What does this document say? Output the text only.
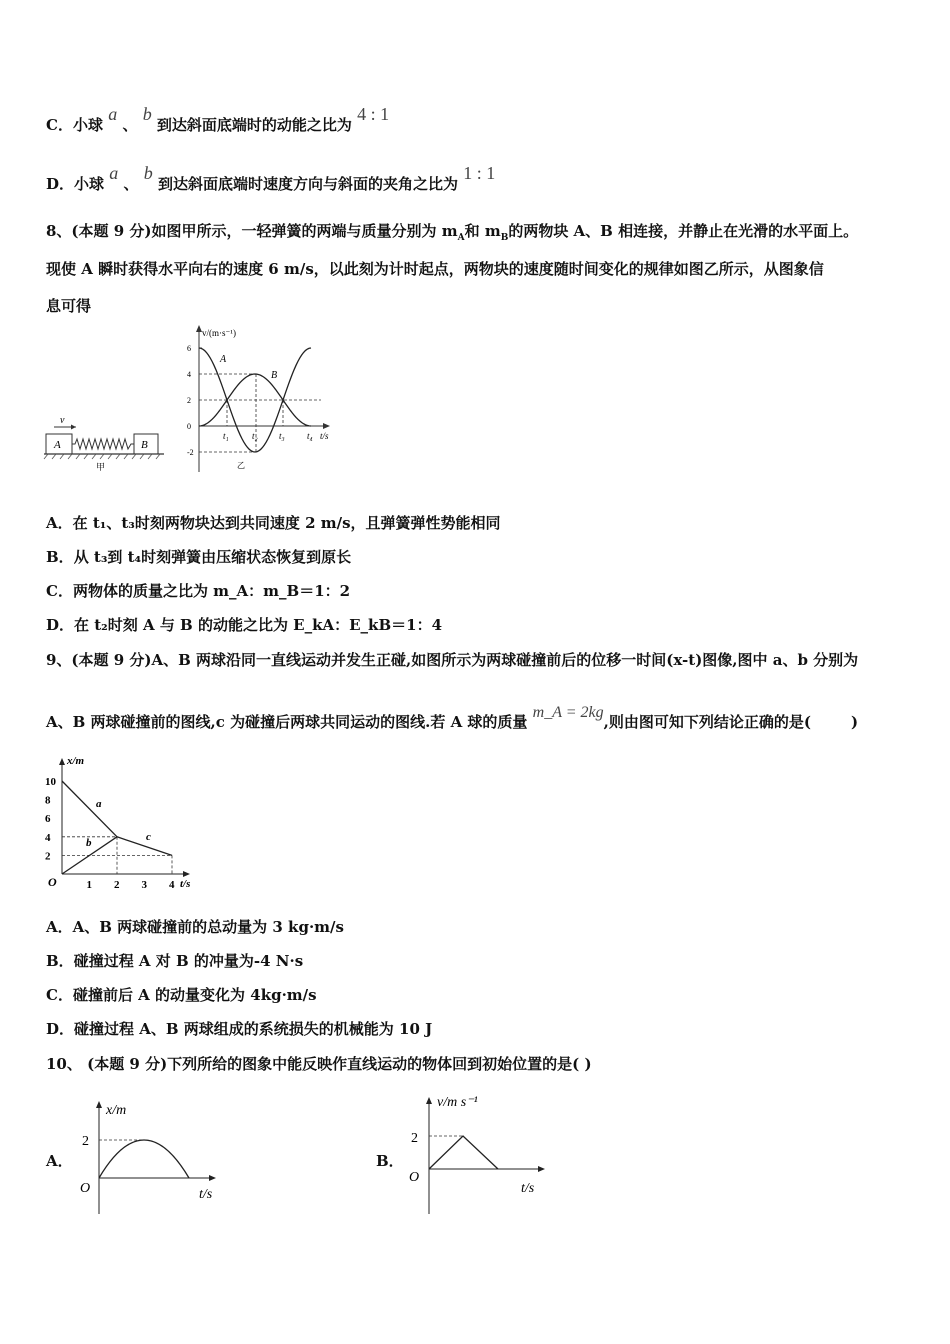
C．小球 a 、 b 到达斜面底端时的动能之比为 4 : 1
D．小球 a 、 b 到达斜面底端时速度方向与斜面的夹角之比为 1 : 1
8、(本题 9 分)如图甲所示，一轻弹簧的两端与质量分别为 $m_A$和 $m_B$的两物块 A、B 相连接，并静止在光滑的水平面上。
现使 A 瞬时获得水平向右的速度 6 m/s，以此刻为计时起点，两物块的速度随时间变化的规律如图乙所示，从图象信
息可得
v
A	B
甲
v/(m·s⁻¹)
t/s
6
4
2
0
-2
t₁	t₂ t₃ t₄
A
B
乙
A．在 t₁、t₃时刻两物块达到共同速度 2 m/s，且弹簧弹性势能相同
B．从 t₃到 t₄时刻弹簧由压缩状态恢复到原长
C．两物体的质量之比为 m_A：m_B＝1：2
D．在 t₂时刻 A 与 B 的动能之比为 E_kA：E_kB＝1：4
9、(本题 9 分)A、B 两球沿同一直线运动并发生正碰,如图所示为两球碰撞前后的位移一时间(x-t)图像,图中 a、b 分别为
A、B 两球碰撞前的图线,c 为碰撞后两球共同运动的图线.若 A 球的质量 m_A = 2kg,则由图可知下列结论正确的是(	)
x/m
t/s
O
10
8
6
4
2
1 2 3 4
a
b	c
A．A、B 两球碰撞前的总动量为 3 kg·m/s
B．碰撞过程 A 对 B 的冲量为-4 N·s
C．碰撞前后 A 的动量变化为 4kg·m/s
D．碰撞过程 A、B 两球组成的系统损失的机械能为 10 J
10、 (本题 9 分)下列所给的图象中能反映作直线运动的物体回到初始位置的是( )
A．
x/m
t/s
O
2
B．
v/m s⁻¹
t/s
O
2
